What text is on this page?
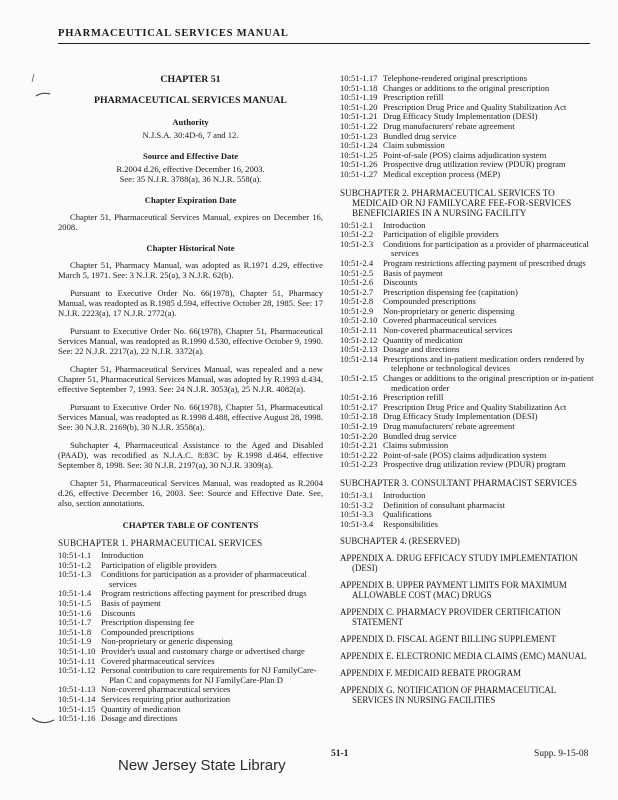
PHARMACEUTICAL SERVICES MANUAL
CHAPTER 51
PHARMACEUTICAL SERVICES MANUAL
Authority
N.J.S.A. 30:4D-6, 7 and 12.
Source and Effective Date
R.2004 d.26, effective December 16, 2003.
See: 35 N.J.R. 3788(a), 36 N.J.R. 558(a).
Chapter Expiration Date
Chapter 51, Pharmaceutical Services Manual, expires on December 16, 2008.
Chapter Historical Note

Chapter 51, Pharmacy Manual, was adopted as R.1971 d.29, effective March 5, 1971. See: 3 N.J.R. 25(a), 3 N.J.R. 62(b).

Pursuant to Executive Order No. 66(1978), Chapter 51, Pharmacy Manual, was readopted as R.1985 d.594, effective October 28, 1985. See: 17 N.J.R. 2223(a), 17 N.J.R. 2772(a).

Pursuant to Executive Order No. 66(1978), Chapter 51, Pharmaceutical Services Manual, was readopted as R.1990 d.530, effective October 9, 1990. See: 22 N.J.R. 2217(a), 22 N.J.R. 3372(a).

Chapter 51, Pharmaceutical Services Manual, was repealed and a new Chapter 51, Pharmaceutical Services Manual, was adopted by R.1993 d.434, effective September 7, 1993. See: 24 N.J.R. 3053(a), 25 N.J.R. 4082(a).

Pursuant to Executive Order No. 66(1978), Chapter 51, Pharmaceutical Services Manual, was readopted as R.1998 d.488, effective August 28, 1998. See: 30 N.J.R. 2169(b), 30 N.J.R. 3558(a).

Subchapter 4, Pharmaceutical Assistance to the Aged and Disabled (PAAD), was recodified as N.J.A.C. 8:83C by R.1998 d.464, effective September 8, 1998. See: 30 N.J.R. 2197(a), 30 N.J.R. 3309(a).

Chapter 51, Pharmaceutical Services Manual, was readopted as R.2004 d.26, effective December 16, 2003. See: Source and Effective Date. See, also, section annotations.

CHAPTER TABLE OF CONTENTS
SUBCHAPTER 1. PHARMACEUTICAL SERVICES
10:51-1.1	Introduction
10:51-1.2	Participation of eligible providers
10:51-1.3	Conditions for participation as a provider of pharmaceutical services
10:51-1.4	Program restrictions affecting payment for prescribed drugs
10:51-1.5	Basis of payment
10:51-1.6	Discounts
10:51-1.7	Prescription dispensing fee
10:51-1.8	Compounded prescriptions
10:51-1.9	Non-proprietary or generic dispensing
10:51-1.10 Provider's usual and customary charge or advertised charge
10:51-1.11 Covered pharmaceutical services
10:51-1.12 Personal contribution to care requirements for NJ FamilyCare-Plan C and copayments for NJ FamilyCare-Plan D
10:51-1.13 Non-covered pharmaceutical services
10:51-1.14 Services requiring prior authorization
10:51-1.15 Quantity of medication
10:51-1.16 Dosage and directions
10:51-1.17 Telephone-rendered original prescriptions
10:51-1.18 Changes or additions to the original prescription
10:51-1.19 Prescription refill
10:51-1.20 Prescription Drug Price and Quality Stabilization Act
10:51-1.21 Drug Efficacy Study Implementation (DESI)
10:51-1.22 Drug manufacturers' rebate agreement
10:51-1.23 Bundled drug service
10:51-1.24 Claim submission
10:51-1.25 Point-of-sale (POS) claims adjudication system
10:51-1.26 Prospective drug utilization review (PDUR) program
10:51-1.27 Medical exception process (MEP)
SUBCHAPTER 2. PHARMACEUTICAL SERVICES TO MEDICAID OR NJ FAMILYCARE FEE-FOR-SERVICES BENEFICIARIES IN A NURSING FACILITY
10:51-2.1	Introduction
10:51-2.2	Participation of eligible providers
10:51-2.3	Conditions for participation as a provider of pharmaceutical services
10:51-2.4	Program restrictions affecting payment of prescribed drugs
10:51-2.5	Basis of payment
10:51-2.6	Discounts
10:51-2.7	Prescription dispensing fee (capitation)
10:51-2.8	Compounded prescriptions
10:51-2.9	Non-proprietary or generic dispensing
10:51-2.10 Covered pharmaceutical services
10:51-2.11 Non-covered pharmaceutical services
10:51-2.12 Quantity of medication
10:51-2.13 Dosage and directions
10:51-2.14 Prescriptions and in-patient medication orders rendered by telephone or technological devices
10:51-2.15 Changes or additions to the original prescription or in-patient medication order
10:51-2.16 Prescription refill
10:51-2.17 Prescription Drug Price and Quality Stabilization Act
10:51-2.18 Drug Efficacy Study Implementation (DESI)
10:51-2.19 Drug manufacturers' rebate agreement
10:51-2.20 Bundled drug service
10:51-2.21 Claims submission
10:51-2.22 Point-of-sale (POS) claims adjudication system
10:51-2.23 Prospective drug utilization review (PDUR) program
SUBCHAPTER 3. CONSULTANT PHARMACIST SERVICES
10:51-3.1	Introduction
10:51-3.2	Definition of consultant pharmacist
10:51-3.3	Qualifications
10:51-3.4	Responsibilities
SUBCHAPTER 4. (RESERVED)
APPENDIX A. DRUG EFFICACY STUDY IMPLEMENTATION (DESI)
APPENDIX B. UPPER PAYMENT LIMITS FOR MAXIMUM ALLOWABLE COST (MAC) DRUGS
APPENDIX C. PHARMACY PROVIDER CERTIFICATION STATEMENT
APPENDIX D. FISCAL AGENT BILLING SUPPLEMENT
APPENDIX E. ELECTRONIC MEDIA CLAIMS (EMC) MANUAL
APPENDIX F. MEDICAID REBATE PROGRAM
APPENDIX G. NOTIFICATION OF PHARMACEUTICAL SERVICES IN NURSING FACILITIES
51-1	Supp. 9-15-08
New Jersey State Library
